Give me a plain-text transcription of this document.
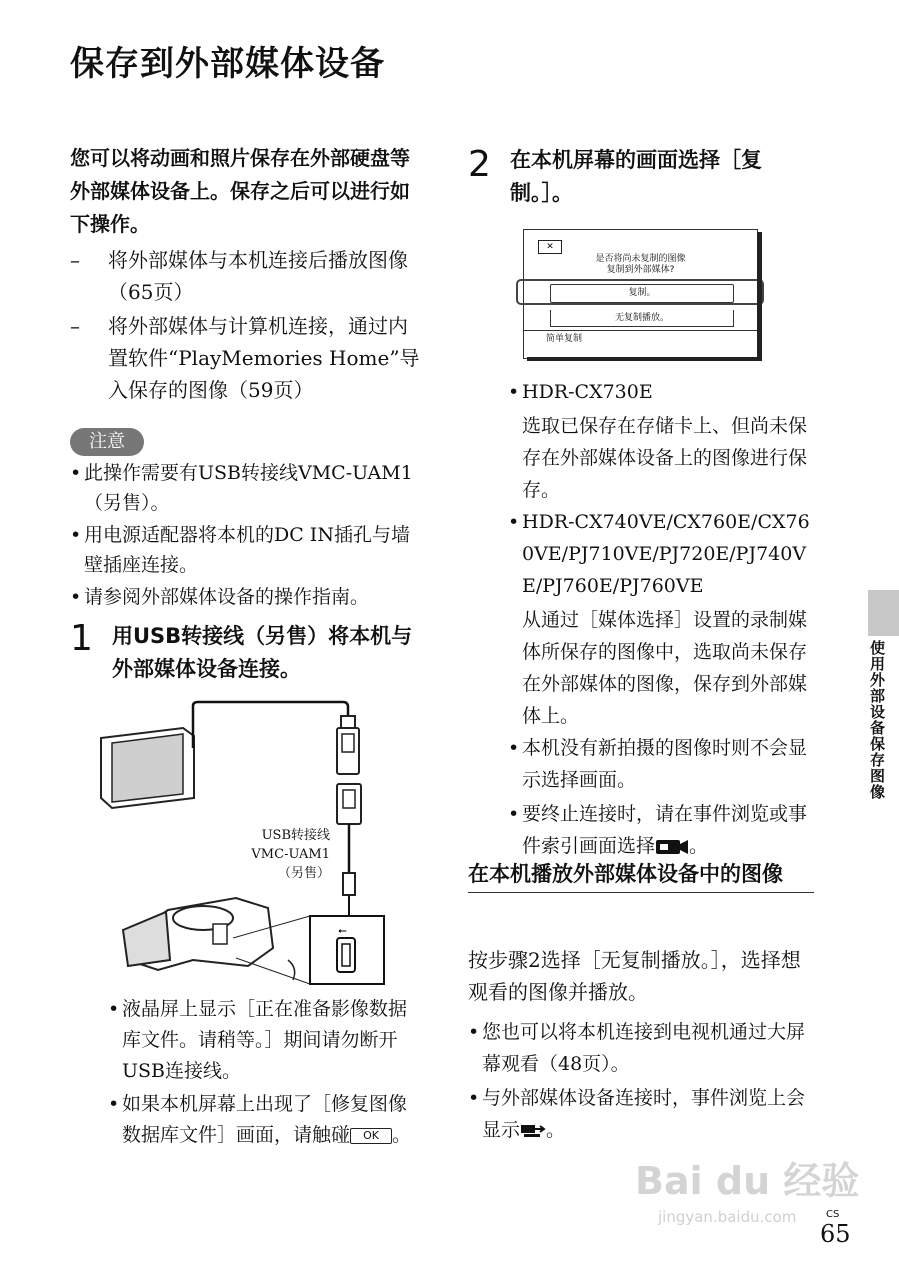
保存到外部媒体设备
您可以将动画和照片保存在外部硬盘等外部媒体设备上。保存之后可以进行如下操作。
–	将外部媒体与本机连接后播放图像（65页）
–	将外部媒体与计算机连接，通过内置软件“PlayMemories Home”导入保存的图像（59页）
注意
• 此操作需要有USB转接线VMC-UAM1（另售）。
• 用电源适配器将本机的DC IN插孔与墙壁插座连接。
• 请参阅外部媒体设备的操作指南。
1 用USB转接线（另售）将本机与外部媒体设备连接。
⭠
USB转接线
VMC-UAM1
（另售）
• 液晶屏上显示［正在准备影像数据库文件。请稍等。］期间请勿断开USB连接线。
• 如果本机屏幕上出现了［修复图像数据库文件］画面，请触碰 OK 。
2 在本机屏幕的画面选择［复制。］。
✕
是否将尚未复制的图像
复制到外部媒体?
复制。
无复制播放。
简单复制
• HDR-CX730E
选取已保存在存储卡上、但尚未保存在外部媒体设备上的图像进行保存。
• HDR-CX740VE/CX760E/CX760VE/PJ710VE/PJ720E/PJ740VE/PJ760E/PJ760VE
从通过［媒体选择］设置的录制媒体所保存的图像中，选取尚未保存在外部媒体的图像，保存到外部媒体上。
• 本机没有新拍摄的图像时则不会显示选择画面。
• 要终止连接时，请在事件浏览或事件索引画面选择 。
在本机播放外部媒体设备中的图像
按步骤2选择［无复制播放。］，选择想观看的图像并播放。
• 您也可以将本机连接到电视机通过大屏幕观看（48页）。
• 与外部媒体设备连接时，事件浏览上会显示 。
使用外部设备保存图像
Bai du 经验
jingyan.baidu.com	CS
65
